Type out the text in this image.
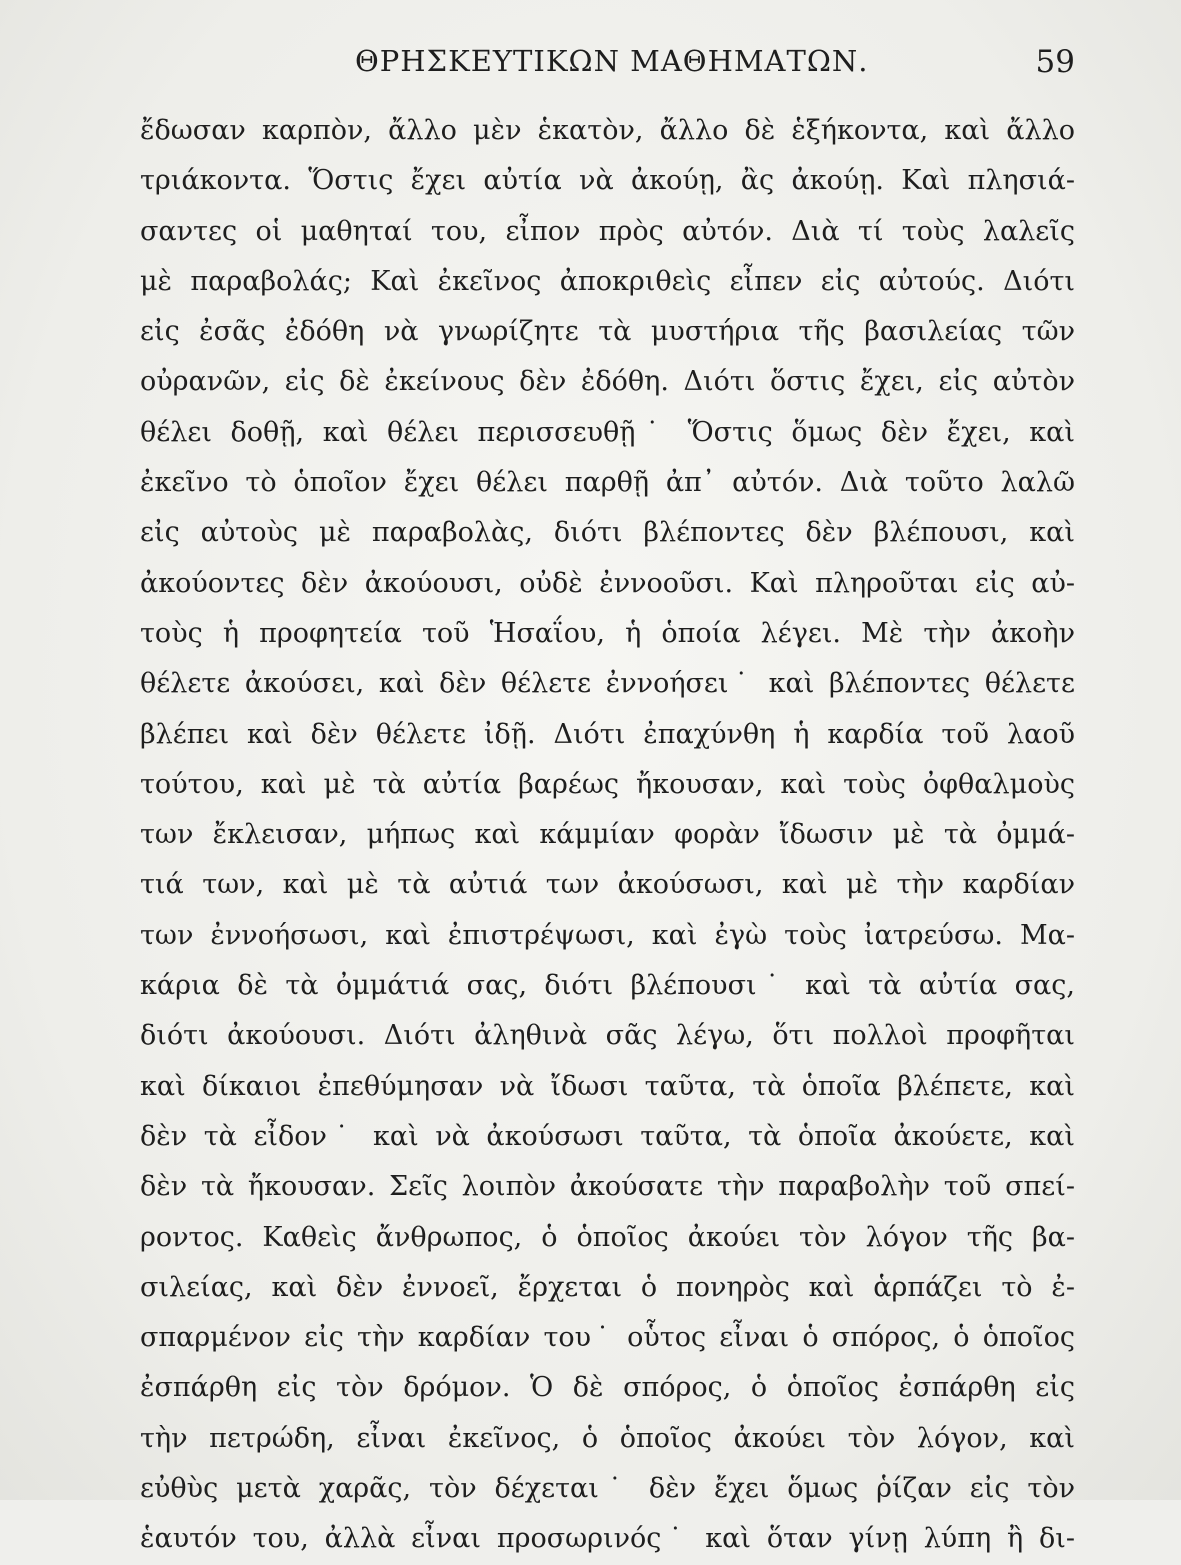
ΘΡΗΣΚΕΥΤΙΚΩΝ ΜΑΘΗΜΑΤΩΝ.	59
ἔδωσαν καρπὸν, ἄλλο μὲν ἑκατὸν, ἄλλο δὲ ἑξήκοντα, καὶ ἄλλο
τριάκοντα. Ὅστις ἔχει αὐτία νὰ ἀκούῃ, ἂς ἀκούῃ. Καὶ πλησιά-
σαντες οἱ μαθηταί του, εἶπον πρὸς αὐτόν. Διὰ τί τοὺς λαλεῖς
μὲ παραβολάς; Καὶ ἐκεῖνος ἀποκριθεὶς εἶπεν εἰς αὐτούς. Διότι
εἰς ἐσᾶς ἐδόθη νὰ γνωρίζητε τὰ μυστήρια τῆς βασιλείας τῶν
οὐρανῶν, εἰς δὲ ἐκείνους δὲν ἐδόθη. Διότι ὅστις ἔχει, εἰς αὐτὸν
θέλει δοθῇ, καὶ θέλει περισσευθῇ˙ Ὅστις ὅμως δὲν ἔχει, καὶ
ἐκεῖνο τὸ ὁποῖον ἔχει θέλει παρθῇ ἀπ᾿ αὐτόν. Διὰ τοῦτο λαλῶ
εἰς αὐτοὺς μὲ παραβολὰς, διότι βλέποντες δὲν βλέπουσι, καὶ
ἀκούοντες δὲν ἀκούουσι, οὐδὲ ἐννοοῦσι. Καὶ πληροῦται εἰς αὐ-
τοὺς ἡ προφητεία τοῦ Ἡσαΐου, ἡ ὁποία λέγει. Μὲ τὴν ἀκοὴν
θέλετε ἀκούσει, καὶ δὲν θέλετε ἐννοήσει˙ καὶ βλέποντες θέλετε
βλέπει καὶ δὲν θέλετε ἰδῇ. Διότι ἐπαχύνθη ἡ καρδία τοῦ λαοῦ
τούτου, καὶ μὲ τὰ αὐτία βαρέως ἤκουσαν, καὶ τοὺς ὀφθαλμοὺς
των ἔκλεισαν, μήπως καὶ κάμμίαν φορὰν ἴδωσιν μὲ τὰ ὀμμά-
τιά των, καὶ μὲ τὰ αὐτιά των ἀκούσωσι, καὶ μὲ τὴν καρδίαν
των ἐννοήσωσι, καὶ ἐπιστρέψωσι, καὶ ἐγὼ τοὺς ἰατρεύσω. Μα-
κάρια δὲ τὰ ὀμμάτιά σας, διότι βλέπουσι˙ καὶ τὰ αὐτία σας,
διότι ἀκούουσι. Διότι ἀληθινὰ σᾶς λέγω, ὅτι πολλοὶ προφῆται
καὶ δίκαιοι ἐπεθύμησαν νὰ ἴδωσι ταῦτα, τὰ ὁποῖα βλέπετε, καὶ
δὲν τὰ εἶδον˙ καὶ νὰ ἀκούσωσι ταῦτα, τὰ ὁποῖα ἀκούετε, καὶ
δὲν τὰ ἤκουσαν. Σεῖς λοιπὸν ἀκούσατε τὴν παραβολὴν τοῦ σπεί-
ροντος. Καθεὶς ἄνθρωπος, ὁ ὁποῖος ἀκούει τὸν λόγον τῆς βα-
σιλείας, καὶ δὲν ἐννοεῖ, ἔρχεται ὁ πονηρὸς καὶ ἁρπάζει τὸ ἐ-
σπαρμένον εἰς τὴν καρδίαν του˙ οὗτος εἶναι ὁ σπόρος, ὁ ὁποῖος
ἐσπάρθη εἰς τὸν δρόμον. Ὁ δὲ σπόρος, ὁ ὁποῖος ἐσπάρθη εἰς
τὴν πετρώδη, εἶναι ἐκεῖνος, ὁ ὁποῖος ἀκούει τὸν λόγον, καὶ
εὐθὺς μετὰ χαρᾶς, τὸν δέχεται˙ δὲν ἔχει ὅμως ῥίζαν εἰς τὸν
ἑαυτόν του, ἀλλὰ εἶναι προσωρινός˙ καὶ ὅταν γίνῃ λύπη ἢ δι-
